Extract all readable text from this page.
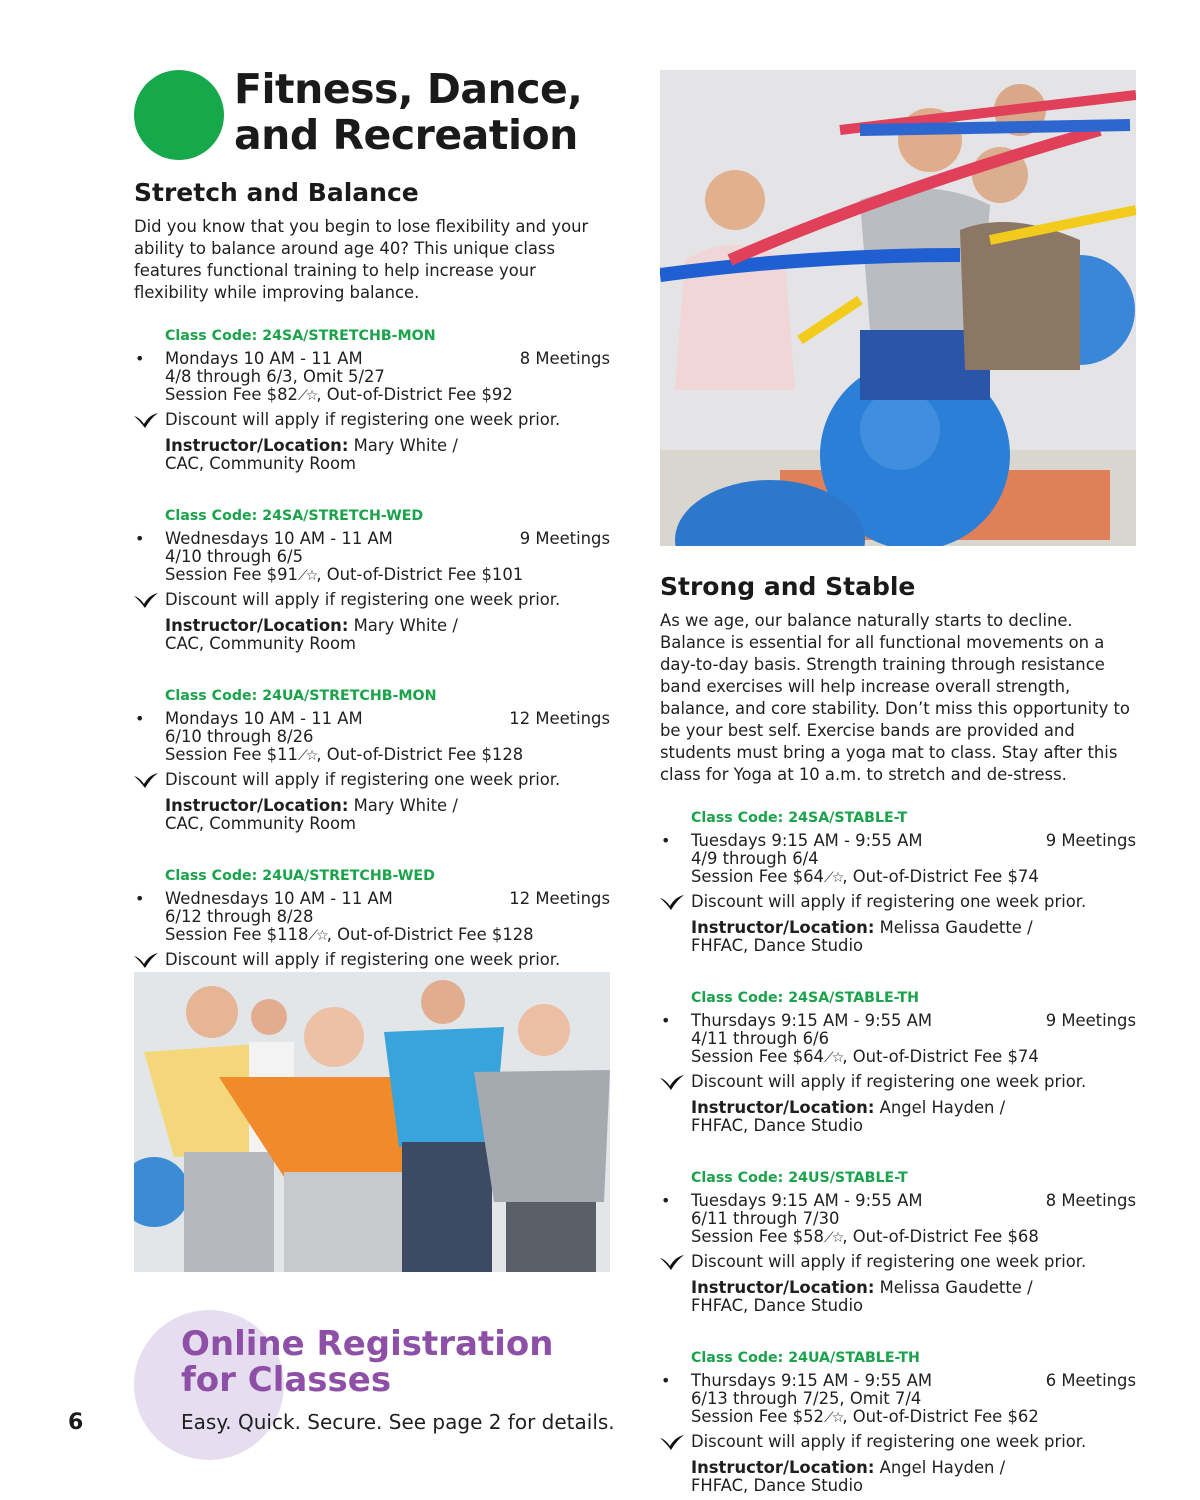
Fitness, Dance,
and Recreation
Stretch and Balance

Did you know that you begin to lose flexibility and your ability to balance around age 40? This unique class features functional training to help increase your flexibility while improving balance.

Class Code: 24SA/STRETCHB-MON
• Mondays 10 AM - 11 AM	8 Meetings
4/8 through 6/3, Omit 5/27
Session Fee $82⟋☆, Out-of-District Fee $92
Discount will apply if registering one week prior.
Instructor/Location: Mary White /
CAC, Community Room
Class Code: 24SA/STRETCH-WED
• Wednesdays 10 AM - 11 AM	9 Meetings
4/10 through 6/5
Session Fee $91⟋☆, Out-of-District Fee $101
Discount will apply if registering one week prior.
Instructor/Location: Mary White /
CAC, Community Room
Class Code: 24UA/STRETCHB-MON
• Mondays 10 AM - 11 AM	12 Meetings
6/10 through 8/26
Session Fee $11⟋☆, Out-of-District Fee $128
Discount will apply if registering one week prior.
Instructor/Location: Mary White /
CAC, Community Room
Class Code: 24UA/STRETCHB-WED
• Wednesdays 10 AM - 11 AM	12 Meetings
6/12 through 8/28
Session Fee $118⟋☆, Out-of-District Fee $128
Discount will apply if registering one week prior.

Strong and Stable

As we age, our balance naturally starts to decline. Balance is essential for all functional movements on a day-to-day basis. Strength training through resistance band exercises will help increase overall strength, balance, and core stability. Don’t miss this opportunity to be your best self. Exercise bands are provided and students must bring a yoga mat to class. Stay after this class for Yoga at 10 a.m. to stretch and de-stress.

Class Code: 24SA/STABLE-T
• Tuesdays 9:15 AM - 9:55 AM	9 Meetings
4/9 through 6/4
Session Fee $64⟋☆, Out-of-District Fee $74
Discount will apply if registering one week prior.
Instructor/Location: Melissa Gaudette /
FHFAC, Dance Studio
Class Code: 24SA/STABLE-TH
• Thursdays 9:15 AM - 9:55 AM	9 Meetings
4/11 through 6/6
Session Fee $64⟋☆, Out-of-District Fee $74
Discount will apply if registering one week prior.
Instructor/Location: Angel Hayden /
FHFAC, Dance Studio
Class Code: 24US/STABLE-T
• Tuesdays 9:15 AM - 9:55 AM	8 Meetings
6/11 through 7/30
Session Fee $58⟋☆, Out-of-District Fee $68
Discount will apply if registering one week prior.
Instructor/Location: Melissa Gaudette /
FHFAC, Dance Studio
Class Code: 24UA/STABLE-TH
• Thursdays 9:15 AM - 9:55 AM	6 Meetings
6/13 through 7/25, Omit 7/4
Session Fee $52⟋☆, Out-of-District Fee $62
Discount will apply if registering one week prior.
Instructor/Location: Angel Hayden /
FHFAC, Dance Studio
Online Registration
for Classes
Easy. Quick. Secure. See page 2 for details.
6
